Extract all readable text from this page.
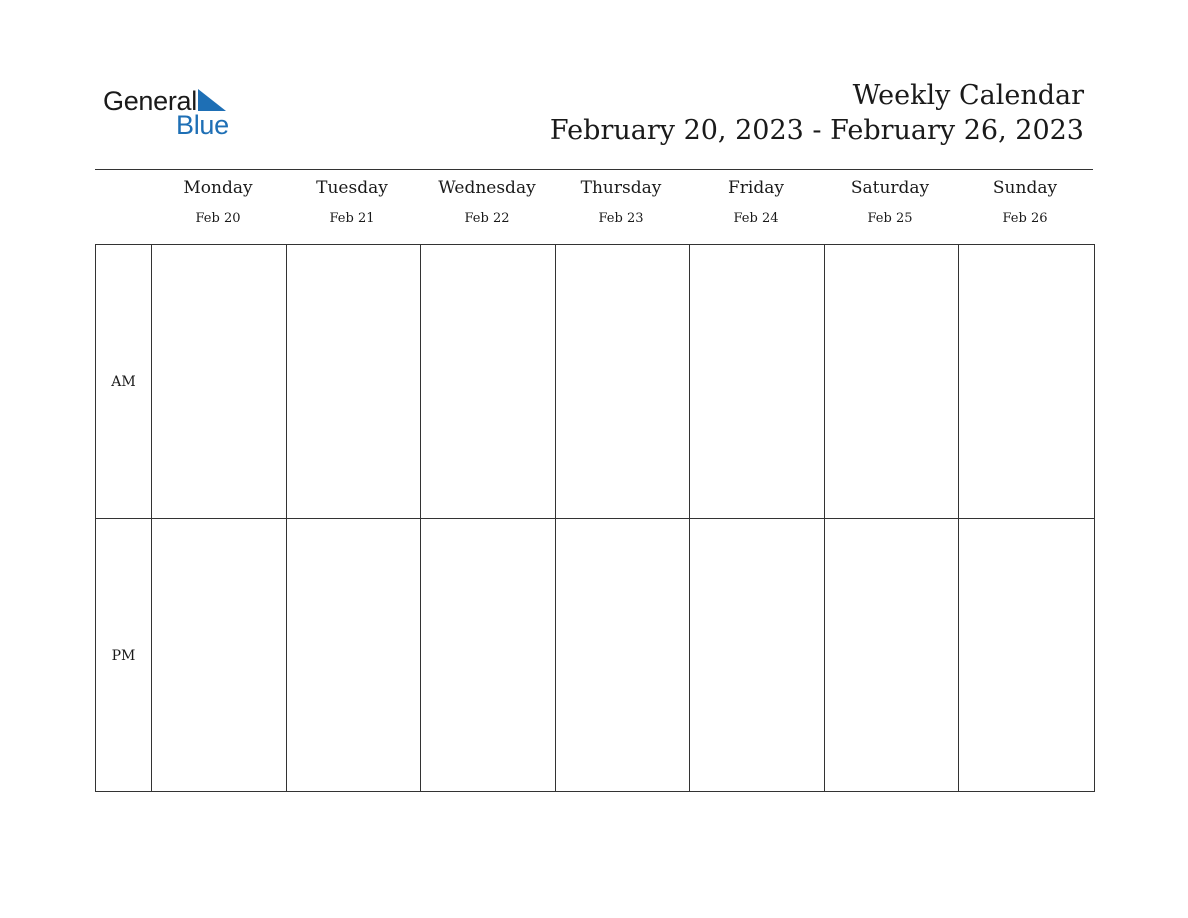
General
Blue
Weekly Calendar
February 20, 2023 - February 26, 2023
Monday
Feb 20
Tuesday
Feb 21
Wednesday
Feb 22
Thursday
Feb 23
Friday
Feb 24
Saturday
Feb 25
Sunday
Feb 26
AM
PM
